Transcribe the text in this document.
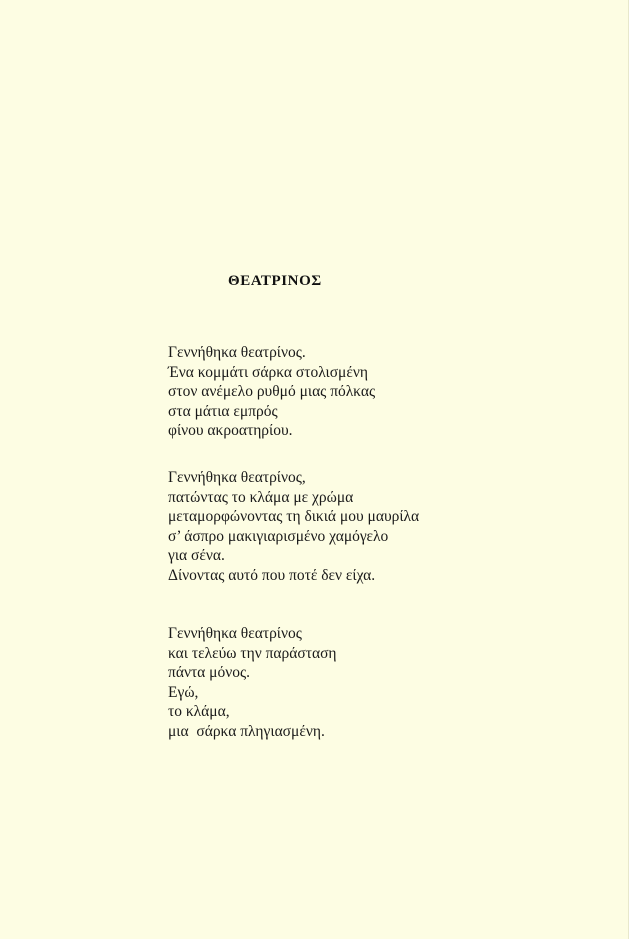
ΘΕΑΤΡΙΝΟΣ
Γεννήθηκα θεατρίνος.
Ένα κομμάτι σάρκα στολισμένη
στον ανέμελο ρυθμό μιας πόλκας
στα μάτια εμπρός
φίνου ακροατηρίου.
Γεννήθηκα θεατρίνος,
πατώντας το κλάμα με χρώμα
μεταμορφώνοντας τη δικιά μου μαυρίλα
σ’ άσπρο μακιγιαρισμένο χαμόγελο
για σένα.
Δίνοντας αυτό που ποτέ δεν είχα.
Γεννήθηκα θεατρίνος
και τελεύω την παράσταση
πάντα μόνος.
Εγώ,
το κλάμα,
μια  σάρκα πληγιασμένη.
